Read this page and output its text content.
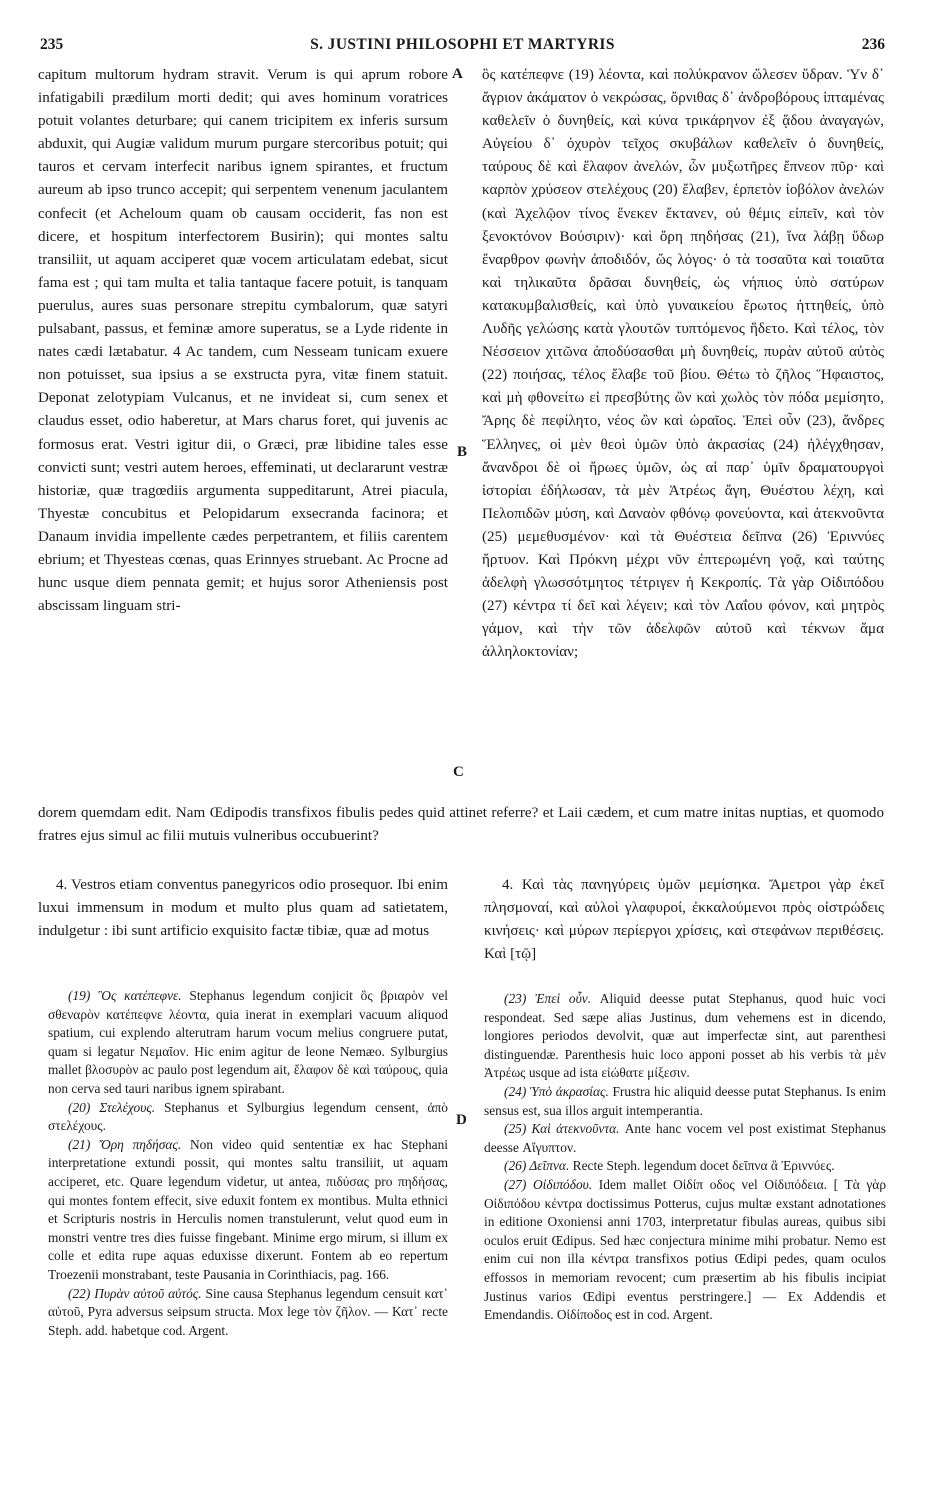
235	S. JUSTINI PHILOSOPHI ET MARTYRIS	236
A
B
C
D

capitum multorum hydram stravit. Verum is qui aprum robore infatigabili prædilum morti dedit; qui aves hominum voratrices potuit volantes deturbare; qui canem tricipitem ex inferis sursum abduxit, qui Augiæ validum murum purgare stercoribus potuit; qui tauros et cervam interfecit naribus ignem spirantes, et fructum aureum ab ipso trunco accepit; qui serpentem venenum jaculantem confecit (et Acheloum quam ob causam occiderit, fas non est dicere, et hospitum interfectorem Busirin); qui montes saltu transiliit, ut aquam acciperet quæ vocem articulatam edebat, sicut fama est ; qui tam multa et talia tantaque facere potuit, is tanquam puerulus, aures suas personare strepitu cymbalorum, quæ satyri pulsabant, passus, et feminæ amore superatus, se a Lyde ridente in nates cædi lætabatur. 4 Ac tandem, cum Nesseam tunicam exuere non potuisset, sua ipsius a se exstructa pyra, vitæ finem statuit. Deponat zelotypiam Vulcanus, et ne invideat si, cum senex et claudus esset, odio haberetur, at Mars charus foret, qui juvenis ac formosus erat. Vestri igitur dii, o Græci, præ libidine tales esse convicti sunt; vestri autem heroes, effeminati, ut declararunt vestræ historiæ, quæ tragœdiis argumenta suppeditarunt, Atrei piacula, Thyestæ concubitus et Pelopidarum exsecranda facinora; et Danaum invidia impellente cædes perpetrantem, et filiis carentem ebrium; et Thyesteas cœnas, quas Erinnyes struebant. Ac Procne ad hunc usque diem pennata gemit; et hujus soror Atheniensis post abscissam linguam stri-

ὃς κατέπεφνε (19) λέοντα, καὶ πολύκρανον ὤλεσεν ὕδραν. Ὑν δ᾽ ἄγριον ἀκάματον ὁ νεκρώσας, ὄρνιθας δ᾽ ἀνδροβόρους ἱπταμένας καθελεῖν ὁ δυνηθείς, καὶ κύνα τρικάρηνον ἐξ ᾅδου ἀναγαγών, Αὐγείου δ᾽ ὀχυρὸν τεῖχος σκυβάλων καθελεῖν ὁ δυνηθείς, ταύρους δὲ καὶ ἔλαφον ἀνελών, ὧν μυξωτῆρες ἔπνεον πῦρ· καὶ καρπὸν χρύσεον στελέχους (20) ἔλαβεν, ἑρπετὸν ἰοβόλον ἀνελών (καὶ Ἀχελῷον τίνος ἕνεκεν ἔκτανεν, οὐ θέμις εἰπεῖν, καὶ τὸν ξενοκτόνον Βούσιριν)· καὶ ὄρη πηδήσας (21), ἵνα λάβῃ ὕδωρ ἔναρθρον φωνὴν ἀποδιδόν, ὥς λόγος· ὁ τὰ τοσαῦτα καὶ τοιαῦτα καὶ τηλικαῦτα δρᾶσαι δυνηθείς, ὡς νήπιος ὑπὸ σατύρων κατακυμβαλισθείς, καὶ ὑπὸ γυναικείου ἔρωτος ἡττηθείς, ὑπὸ Λυδῆς γελώσης κατὰ γλουτῶν τυπτόμενος ἥδετο. Καὶ τέλος, τὸν Νέσσειον χιτῶνα ἀποδύσασθαι μὴ δυνηθείς, πυρὰν αὐτοῦ αὐτὸς (22) ποιήσας, τέλος ἔλαβε τοῦ βίου. Θέτω τὸ ζῆλος Ἥφαιστος, καὶ μὴ φθονείτω εἰ πρεσβύτης ὢν καὶ χωλὸς τὸν πόδα μεμίσητο, Ἄρης δὲ πεφίλητο, νέος ὢν καὶ ὡραῖος. Ἐπεὶ οὖν (23), ἄνδρες Ἕλληνες, οἱ μὲν θεοὶ ὑμῶν ὑπὸ ἀκρασίας (24) ἠλέγχθησαν, ἄνανδροι δὲ οἱ ἥρωες ὑμῶν, ὡς αἱ παρ᾽ ὑμῖν δραματουργοὶ ἱστορίαι ἐδήλωσαν, τὰ μὲν Ἀτρέως ἄγη, Θυέστου λέχη, καὶ Πελοπιδῶν μύση, καὶ Δαναὸν φθόνῳ φονεύοντα, καὶ ἀτεκνοῦντα (25) μεμεθυσμένον· καὶ τὰ Θυέστεια δεῖπνα (26) Ἐριννύες ἤρτυον. Καὶ Πρόκνη μέχρι νῦν ἐπτερωμένη γοᾷ, καὶ ταύτης ἀδελφὴ γλωσσότμητος τέτριγεν ἡ Κεκροπίς. Τὰ γὰρ Οἰδιπόδου (27) κέντρα τί δεῖ καὶ λέγειν; καὶ τὸν Λαΐου φόνον, καὶ μητρὸς γάμον, καὶ τὴν τῶν ἀδελφῶν αὐτοῦ καὶ τέκνων ἅμα ἀλληλοκτονίαν;

dorem quemdam edit. Nam Œdipodis transfixos fibulis pedes quid attinet referre? et Laii cædem, et cum matre initas nuptias, et quomodo fratres ejus simul ac filii mutuis vulneribus occubuerint?

4. Vestros etiam conventus panegyricos odio prosequor. Ibi enim luxui immensum in modum et multo plus quam ad satietatem, indulgetur : ibi sunt artificio exquisito factæ tibiæ, quæ ad motus

4. Καὶ τὰς πανηγύρεις ὑμῶν μεμίσηκα. Ἄμετροι γὰρ ἐκεῖ πλησμοναί, καὶ αὐλοὶ γλαφυροί, ἐκκαλούμενοι πρὸς οἰστρώδεις κινήσεις· καὶ μύρων περίεργοι χρίσεις, καὶ στεφάνων περιθέσεις. Καὶ [τῷ]

(19) Ὃς κατέπεφνε. Stephanus legendum conjicit ὃς βριαρὸν vel σθεναρὸν κατέπεφνε λέοντα, quia inerat in exemplari vacuum aliquod spatium, cui explendo alterutram harum vocum melius congruere putat, quam si legatur Νεμαῖον. Hic enim agitur de leone Nemæo. Sylburgius mallet βλοσυρὸν ac paulo post legendum ait, ἔλαφον δὲ καὶ ταύρους, quia non cerva sed tauri naribus ignem spirabant.

(20) Στελέχους. Stephanus et Sylburgius legendum censent, ἀπὸ στελέχους.

(21) Ὄρη πηδήσας. Non video quid sententiæ ex hac Stephani interpretatione extundi possit, qui montes saltu transiliit, ut aquam acciperet, etc. Quare legendum videtur, ut antea, πιδύσας pro πηδήσας, qui montes fontem effecit, sive eduxit fontem ex montibus. Multa ethnici et Scripturis nostris in Herculis nomen transtulerunt, velut quod eum in monstri ventre tres dies fuisse fingebant. Minime ergo mirum, si illum ex colle et edita rupe aquas eduxisse dixerunt. Fontem ab eo repertum Troezenii monstrabant, teste Pausania in Corinthiacis, pag. 166.

(22) Πυρὰν αὐτοῦ αὐτός. Sine causa Stephanus legendum censuit κατ᾽ αὐτοῦ, Pyra adversus seipsum structa. Mox lege τὸν ζῆλον. — Κατ᾽ recte Steph. add. habetque cod. Argent.

(23) Ἐπεὶ οὖν. Aliquid deesse putat Stephanus, quod huic voci respondeat. Sed sæpe alias Justinus, dum vehemens est in dicendo, longiores periodos devolvit, quæ aut imperfectæ sint, aut parenthesi distinguendæ. Parenthesis huic loco apponi posset ab his verbis τὰ μὲν Ἀτρέως usque ad ista εἰώθατε μίξεσιν.

(24) Ὑπὸ ἀκρασίας. Frustra hic aliquid deesse putat Stephanus. Is enim sensus est, sua illos arguit intemperantia.

(25) Καὶ ἀτεκνοῦντα. Ante hanc vocem vel post existimat Stephanus deesse Αἴγυπτον.

(26) Δεῖπνα. Recte Steph. legendum docet δεῖπνα ἃ Ἐριννύες.

(27) Οἰδιπόδου. Idem mallet Οἰδίπ οδος vel Οἰδιπόδεια. [ Τὰ γὰρ Οἰδιπόδου κέντρα doctissimus Potterus, cujus multæ exstant adnotationes in editione Oxoniensi anni 1703, interpretatur fibulas aureas, quibus sibi oculos eruit Œdipus. Sed hæc conjectura minime mihi probatur. Nemo est enim cui non illa κέντρα transfixos potius Œdipi pedes, quam oculos effossos in memoriam revocent; cum præsertim ab his fibulis incipiat Justinus varios Œdipi eventus perstringere.] — Ex Addendis et Emendandis. Οἰδίποδος est in cod. Argent.
